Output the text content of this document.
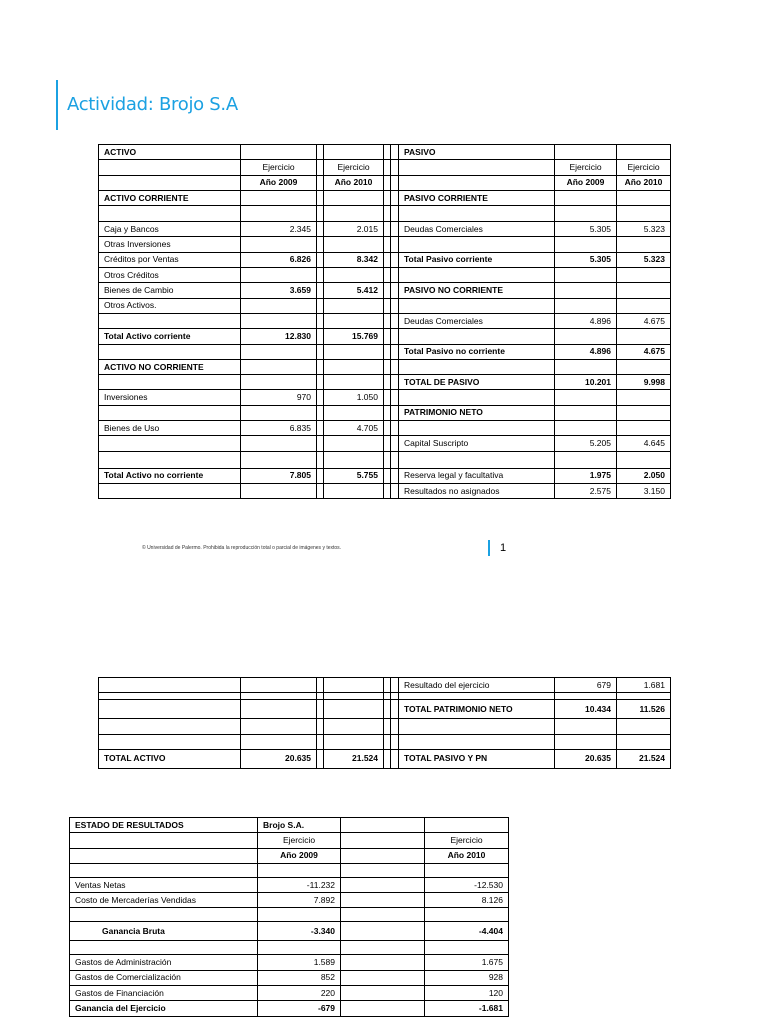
Actividad: Brojo S.A
ACTIVO						PASIVO		
	Ejercicio		Ejercicio				Ejercicio	Ejercicio
	Año 2009		Año 2010				Año 2009	Año 2010
ACTIVO CORRIENTE						PASIVO CORRIENTE		

Caja y Bancos	2.345		2.015			Deudas Comerciales	5.305	5.323
Otras Inversiones								
Créditos por Ventas	6.826		8.342			Total Pasivo corriente	5.305	5.323
Otros Créditos								
Bienes de Cambio	3.659		5.412			PASIVO NO CORRIENTE		
Otros Activos.								
						Deudas Comerciales	4.896	4.675
Total Activo corriente	12.830		15.769					
						Total Pasivo no corriente	4.896	4.675
ACTIVO NO CORRIENTE								
						TOTAL DE PASIVO	10.201	9.998
Inversiones	970		1.050					
						PATRIMONIO NETO		
Bienes de Uso	6.835		4.705					
						Capital Suscripto	5.205	4.645

Total Activo no corriente	7.805		5.755			Reserva legal y facultativa	1.975	2.050
						Resultados no asignados	2.575	3.150
© Universidad de Palermo. Prohibida la reproducción total o parcial de imágenes y textos.	1
						Resultado del ejercicio	679	1.681

						TOTAL PATRIMONIO NETO	10.434	11.526

TOTAL ACTIVO	20.635		21.524			TOTAL PASIVO Y PN	20.635	21.524
ESTADO DE RESULTADOS	Brojo S.A.		
	Ejercicio		Ejercicio
	Año 2009		Año 2010

Ventas Netas	-11.232		-12.530
Costo de Mercaderías Vendidas	7.892		8.126

Ganancia Bruta	-3.340		-4.404

Gastos de Administración	1.589		1.675
Gastos de Comercialización	852		928
Gastos de Financiación	220		120
Ganancia del Ejercicio	-679		-1.681
